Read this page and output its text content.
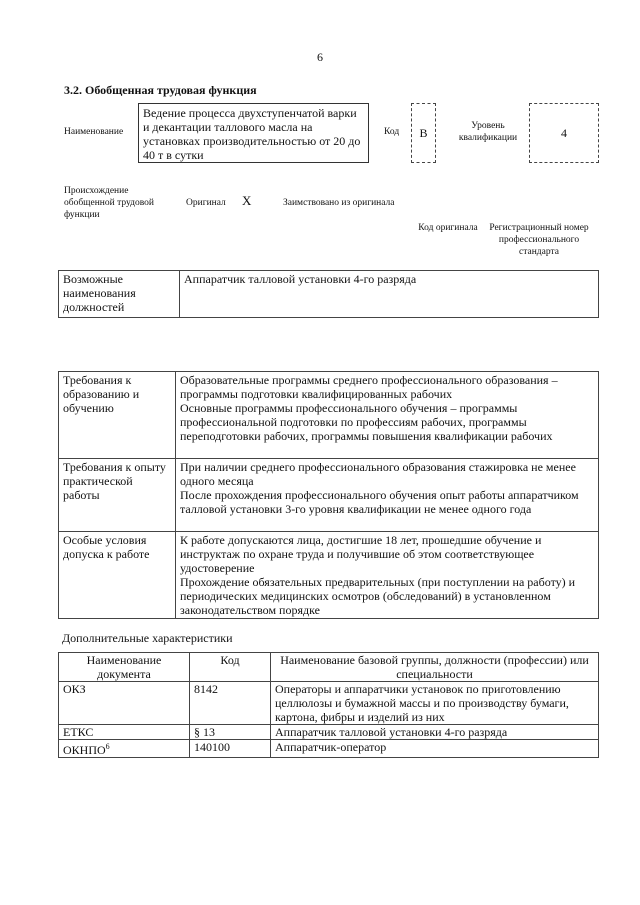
6
3.2. Обобщенная трудовая функция
Наименование
Ведение процесса двухступенчатой варки и декантации таллового масла на установках производительностью от 20 до 40 т в сутки
Код	B	Уровень квалификации	4
Происхождение обобщенной трудовой функции
Оригинал X	Заимствовано из оригинала
Код оригинала	Регистрационный номер профессионального стандарта
Возможные наименования должностей	Аппаратчик талловой установки 4-го разряда
Требования к образованию и обучению	Образовательные программы среднего профессионального образования – программы подготовки квалифицированных рабочих

Основные программы профессионального обучения – программы профессиональной подготовки по профессиям рабочих, программы переподготовки рабочих, программы повышения квалификации рабочих

Требования к опыту практической работы	При наличии среднего профессионального образования стажировка не менее одного месяца

После прохождения профессионального обучения опыт работы аппаратчиком талловой установки 3-го уровня квалификации не менее одного года

Особые условия допуска к работе	К работе допускаются лица, достигшие 18 лет, прошедшие обучение и инструктаж по охране труда и получившие об этом соответствующее удостоверение

Прохождение обязательных предварительных (при поступлении на работу) и периодических медицинских осмотров (обследований) в установленном законодательством порядке

Дополнительные характеристики
Наименование документа	Код	Наименование базовой группы, должности (профессии) или специальности
ОКЗ	8142	Операторы и аппаратчики установок по приготовлению целлюлозы и бумажной массы и по производству бумаги, картона, фибры и изделий из них
ЕТКС	§ 13	Аппаратчик талловой установки 4-го разряда
ОКНПО$^6$	140100	Аппаратчик-оператор
